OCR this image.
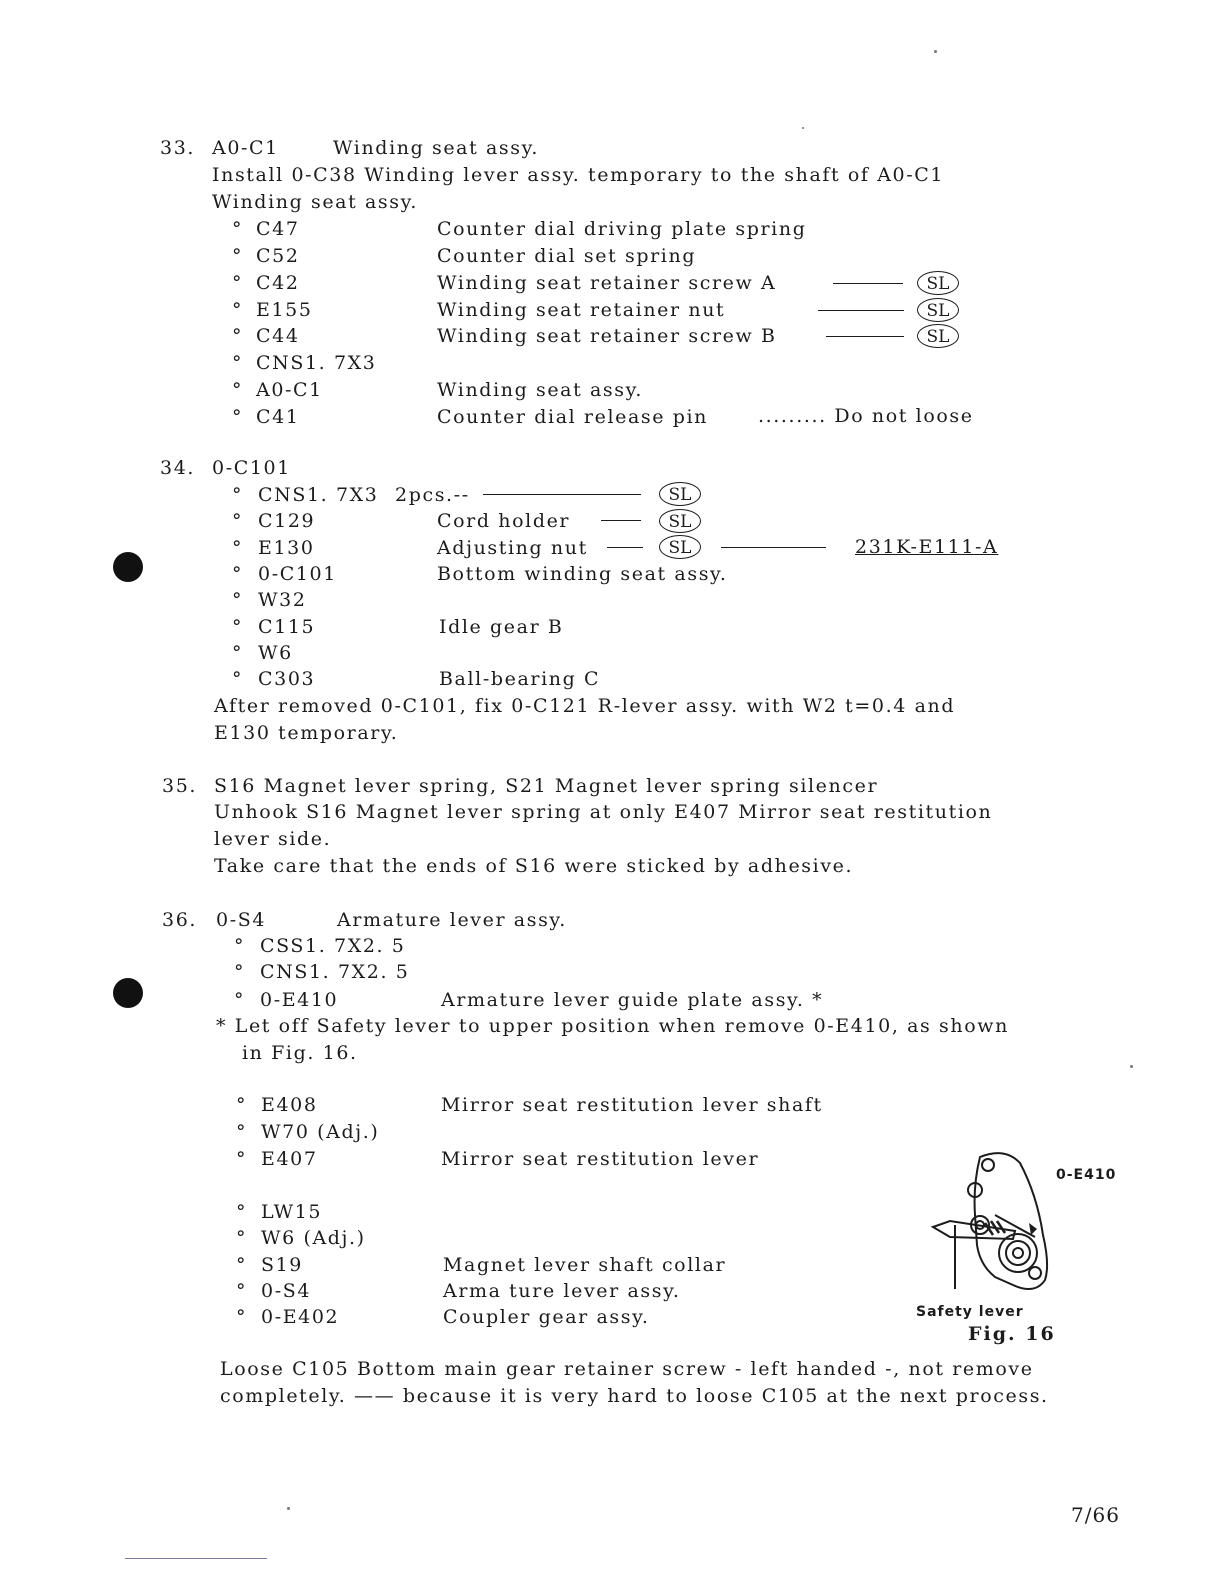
33. A0-C1	Winding seat assy.
Install 0-C38 Winding lever assy. temporary to the shaft of A0-C1
Winding seat assy.
° C47	Counter dial driving plate spring
° C52	Counter dial set spring
° C42	Winding seat retainer screw A	SL
° E155	Winding seat retainer nut	SL
° C44	Winding seat retainer screw B	SL
° CNS1. 7X3
° A0-C1	Winding seat assy.
° C41	Counter dial release pin	......... Do not loose
34. 0-C101
° CNS1. 7X3 2pcs.--	SL
° C129	Cord holder	SL
° E130	Adjusting nut	SL	231K-E111-A
° 0-C101	Bottom winding seat assy.
° W32
° C115	Idle gear B
° W6
° C303	Ball-bearing C
After removed 0-C101, fix 0-C121 R-lever assy. with W2 t=0.4 and
E130 temporary.
35. S16 Magnet lever spring, S21 Magnet lever spring silencer
Unhook S16 Magnet lever spring at only E407 Mirror seat restitution
lever side.
Take care that the ends of S16 were sticked by adhesive.
36. 0-S4	Armature lever assy.
° CSS1. 7X2. 5
° CNS1. 7X2. 5
° 0-E410	Armature lever guide plate assy. *
* Let off Safety lever to upper position when remove 0-E410, as shown
in Fig. 16.
° E408	Mirror seat restitution lever shaft
° W70 (Adj.)
° E407	Mirror seat restitution lever
° LW15
° W6 (Adj.)
° S19	Magnet lever shaft collar
° 0-S4	Arma ture lever assy.
° 0-E402	Coupler gear assy.
0-E410
Safety lever
Fig. 16
Loose C105 Bottom main gear retainer screw - left handed -, not remove
completely. —— because it is very hard to loose C105 at the next process.
7/66
